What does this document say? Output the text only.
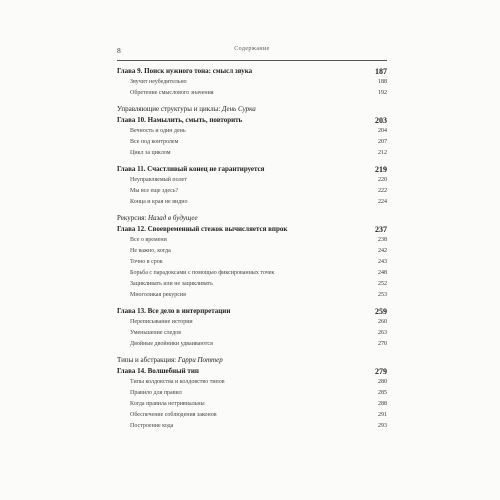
8	Содержание
Глава 9. Поиск нужного тона: смысл звука	187
Звучит неубедительно	188
Обретение смыслового значения	192
Управляющие структуры и циклы: День Сурка
Глава 10. Намылить, смыть, повторить	203
Вечность и один день	204
Все под контролем	207
Цикл за циклом	212
Глава 11. Счастливый конец не гарантируется	219
Неуправляемый полет	220
Мы все еще здесь?	222
Конца и края не видно	224
Рекурсия: Назад в будущее
Глава 12. Своевременный стежок вычисляется впрок	237
Все о времени	238
Не важно, когда	242
Точно в срок	243
Борьба с парадоксами с помощью фиксированных точек	248
Зацикливать или не зацикливать	252
Многоликая рекурсия	253
Глава 13. Все дело в интерпретации	259
Переписывание истории	260
Уменьшение следов	263
Двойные двойники удваиваются	270
Типы и абстракция: Гарри Поттер
Глава 14. Волшебный тип	279
Типы колдовства и колдовство типов	280
Правило для правил	285
Когда правила нетривиальны	288
Обеспечение соблюдения законов	291
Построение кода	293
